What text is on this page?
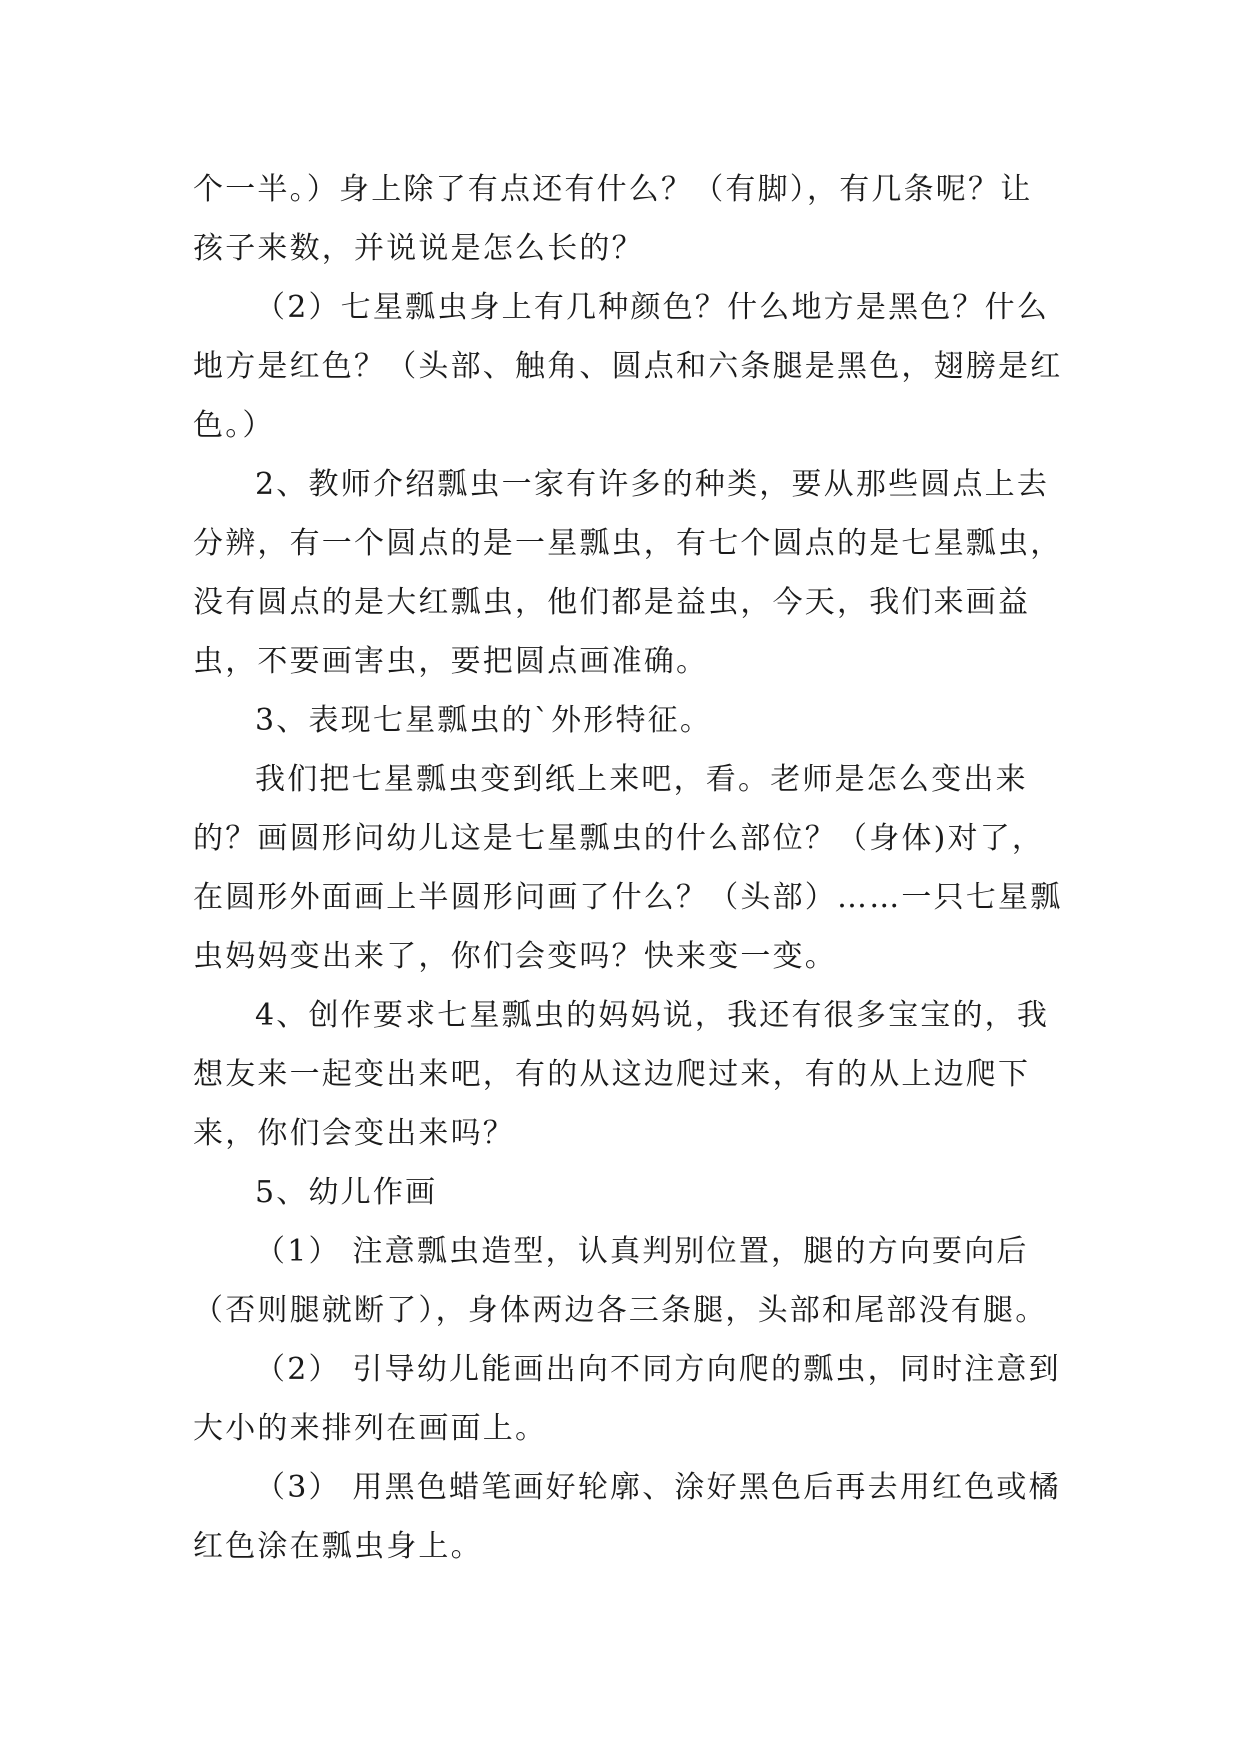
个一半。）身上除了有点还有什么？（有脚），有几条呢？让孩子来数，并说说是怎么长的？

（2）七星瓢虫身上有几种颜色？什么地方是黑色？什么地方是红色？（头部、触角、圆点和六条腿是黑色，翅膀是红色。）

2、教师介绍瓢虫一家有许多的种类，要从那些圆点上去分辨，有一个圆点的是一星瓢虫，有七个圆点的是七星瓢虫，没有圆点的是大红瓢虫，他们都是益虫，今天，我们来画益虫，不要画害虫，要把圆点画准确。

3、表现七星瓢虫的`外形特征。

我们把七星瓢虫变到纸上来吧，看。老师是怎么变出来的？画圆形问幼儿这是七星瓢虫的什么部位？（身体)对了，在圆形外面画上半圆形问画了什么？（头部）……一只七星瓢虫妈妈变出来了，你们会变吗？快来变一变。

4、创作要求七星瓢虫的妈妈说，我还有很多宝宝的，我想友来一起变出来吧，有的从这边爬过来，有的从上边爬下来，你们会变出来吗？

5、幼儿作画

（1） 注意瓢虫造型，认真判别位置，腿的方向要向后（否则腿就断了），身体两边各三条腿，头部和尾部没有腿。

（2） 引导幼儿能画出向不同方向爬的瓢虫，同时注意到大小的来排列在画面上。

（3） 用黑色蜡笔画好轮廓、涂好黑色后再去用红色或橘红色涂在瓢虫身上。
